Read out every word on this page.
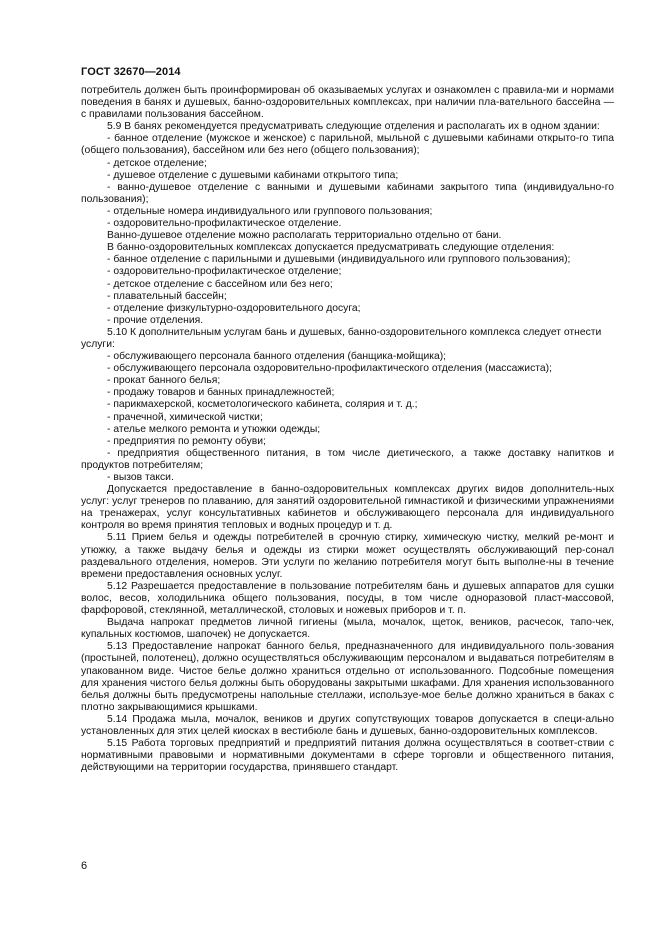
ГОСТ 32670—2014

потребитель должен быть проинформирован об оказываемых услугах и ознакомлен с правила-ми и нормами поведения в банях и душевых, банно-оздоровительных комплексах, при наличии пла-вательного бассейна — с правилами пользования бассейном.

5.9 В банях рекомендуется предусматривать следующие отделения и располагать их в одном здании:

- банное отделение (мужское и женское) с парильной, мыльной с душевыми кабинами открыто-го типа (общего пользования), бассейном или без него (общего пользования);

- детское отделение;

- душевое отделение с душевыми кабинами открытого типа;

- ванно-душевое отделение с ванными и душевыми кабинами закрытого типа (индивидуально-го пользования);

- отдельные номера индивидуального или группового пользования;

- оздоровительно-профилактическое отделение.

Ванно-душевое отделение можно располагать территориально отдельно от бани.

В банно-оздоровительных комплексах допускается предусматривать следующие отделения:

- банное отделение с парильными и душевыми (индивидуального или группового пользования);

- оздоровительно-профилактическое отделение;

- детское отделение с бассейном или без него;

- плавательный бассейн;

- отделение физкультурно-оздоровительного досуга;

- прочие отделения.

5.10 К дополнительным услугам бань и душевых, банно-оздоровительного комплекса следует отнести услуги:

- обслуживающего персонала банного отделения (банщика-мойщика);

- обслуживающего персонала оздоровительно-профилактического отделения (массажиста);

- прокат банного белья;

- продажу товаров и банных принадлежностей;

- парикмахерской, косметологического кабинета, солярия и т. д.;

- прачечной, химической чистки;

- ателье мелкого ремонта и утюжки одежды;

- предприятия по ремонту обуви;

- предприятия общественного питания, в том числе диетического, а также доставку напитков и продуктов потребителям;

- вызов такси.

Допускается предоставление в банно-оздоровительных комплексах других видов дополнитель-ных услуг: услуг тренеров по плаванию, для занятий оздоровительной гимнастикой и физическими упражнениями на тренажерах, услуг консультативных кабинетов и обслуживающего персонала для индивидуального контроля во время принятия тепловых и водных процедур и т. д.

5.11 Прием белья и одежды потребителей в срочную стирку, химическую чистку, мелкий ре-монт и утюжку, а также выдачу белья и одежды из стирки может осуществлять обслуживающий пер-сонал раздевального отделения, номеров. Эти услуги по желанию потребителя могут быть выполне-ны в течение времени предоставления основных услуг.

5.12 Разрешается предоставление в пользование потребителям бань и душевых аппаратов для сушки волос, весов, холодильника общего пользования, посуды, в том числе одноразовой пласт-массовой, фарфоровой, стеклянной, металлической, столовых и ножевых приборов и т. п.

Выдача напрокат предметов личной гигиены (мыла, мочалок, щеток, веников, расчесок, тапо-чек, купальных костюмов, шапочек) не допускается.

5.13 Предоставление напрокат банного белья, предназначенного для индивидуального поль-зования (простыней, полотенец), должно осуществляться обслуживающим персоналом и выдаваться потребителям в упакованном виде. Чистое белье должно храниться отдельно от использованного. Подсобные помещения для хранения чистого белья должны быть оборудованы закрытыми шкафами. Для хранения использованного белья должны быть предусмотрены напольные стеллажи, используе-мое белье должно храниться в баках с плотно закрывающимися крышками.

5.14 Продажа мыла, мочалок, веников и других сопутствующих товаров допускается в специ-ально установленных для этих целей киосках в вестибюле бань и душевых, банно-оздоровительных комплексов.

5.15 Работа торговых предприятий и предприятий питания должна осуществляться в соответ-ствии с нормативными правовыми и нормативными документами в сфере торговли и общественного питания, действующими на территории государства, принявшего стандарт.

6
